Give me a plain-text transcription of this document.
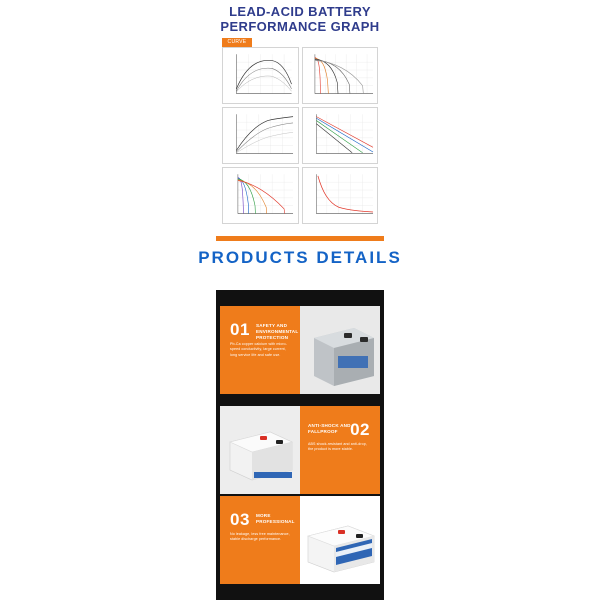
LEAD-ACID BATTERY
PERFORMANCE GRAPH
CURVE
PRODUCTS DETAILS
01 SAFETY AND ENVIRONMENTAL PROTECTION
Pb-Ca copper calcium with micro-speed conductivity, large current, long service life and safe use.
02
ANTI-SHOCK AND FALLPROOF
ABS shock-resistant and anti-drop, the product is more stable.
03 MORE PROFESSIONAL
No leakage, less free maintenance, stable discharge performance.
